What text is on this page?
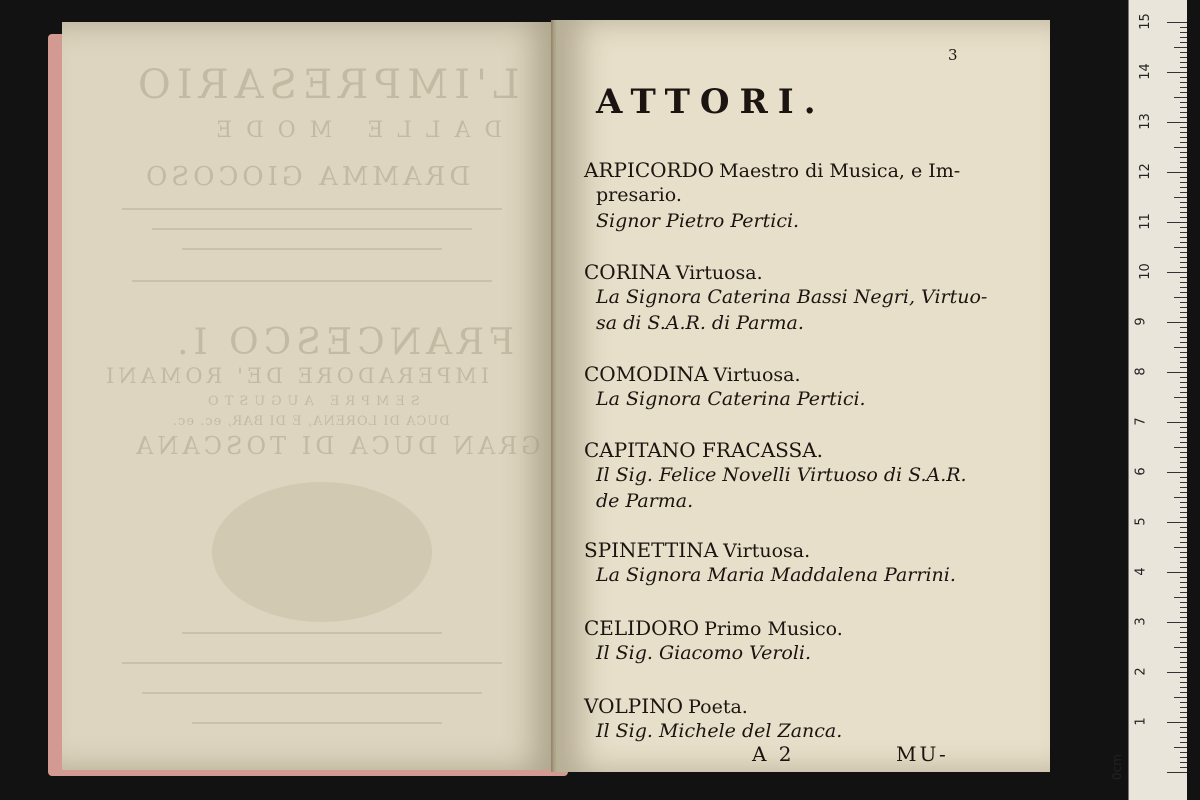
L'IMPRESARIO
DALLE MODE
DRAMMA GIOCOSO
FRANCESCO I.
IMPERADORE DE' ROMANI
SEMPRE AUGUSTO
DUCA DI LORENA, E DI BAR, ec. ec.
GRAN DUCA DI TOSCANA
3
ATTORI.
ARPICORDO Maestro di Musica, e Im-
presario.
Signor Pietro Pertici.
CORINA Virtuosa.
La Signora Caterina Bassi Negri, Virtuo-
sa di S.A.R. di Parma.
COMODINA Virtuosa.
La Signora Caterina Pertici.
CAPITANO FRACASSA.
Il Sig. Felice Novelli Virtuoso di S.A.R.
de Parma.
SPINETTINA Virtuosa.
La Signora Maria Maddalena Parrini.
CELIDORO Primo Musico.
Il Sig. Giacomo Veroli.
VOLPINO Poeta.
Il Sig. Michele del Zanca.
A 2	MU-
1
2
3
4
5
6
7
8
9
10
11
12
13
14
15
0cm
